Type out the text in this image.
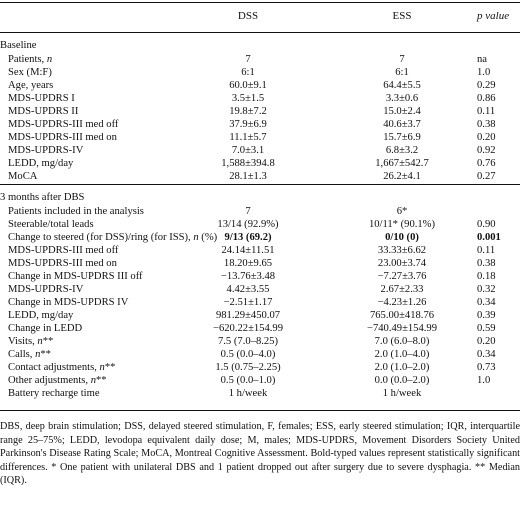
DSS	ESS	p value
Baseline
Patients, n	7	7	na
Sex (M:F)	6:1	6:1	1.0
Age, years	60.0±9.1	64.4±5.5	0.29
MDS-UPDRS I	3.5±1.5	3.3±0.6	0.86
MDS-UPDRS II	19.8±7.2	15.0±2.4	0.11
MDS-UPDRS-III med off	37.9±6.9	40.6±3.7	0.38
MDS-UPDRS-III med on	11.1±5.7	15.7±6.9	0.20
MDS-UPDRS-IV	7.0±3.1	6.8±3.2	0.92
LEDD, mg/day	1,588±394.8	1,667±542.7	0.76
MoCA	28.1±1.3	26.2±4.1	0.27
3 months after DBS
Patients included in the analysis	7	6*
Steerable/total leads	13/14 (92.9%)	10/11* (90.1%)	0.90
Change to steered (for DSS)/ring (for ISS), n (%) 9/13 (69.2)	0/10 (0)	0.001
MDS-UPDRS-III med off	24.14±11.51	33.33±6.62	0.11
MDS-UPDRS-III med on	18.20±9.65	23.00±3.74	0.38
Change in MDS-UPDRS III off	−13.76±3.48	−7.27±3.76	0.18
MDS-UPDRS-IV	4.42±3.55	2.67±2.33	0.32
Change in MDS-UPDRS IV	−2.51±1.17	−4.23±1.26	0.34
LEDD, mg/day	981.29±450.07	765.00±418.76	0.39
Change in LEDD	−620.22±154.99	−740.49±154.99	0.59
Visits, n**	7.5 (7.0–8.25)	7.0 (6.0–8.0)	0.20
Calls, n**	0.5 (0.0–4.0)	2.0 (1.0–4.0)	0.34
Contact adjustments, n**	1.5 (0.75–2.25)	2.0 (1.0–2.0)	0.73
Other adjustments, n**	0.5 (0.0–1.0)	0.0 (0.0–2.0)	1.0
Battery recharge time	1 h/week	1 h/week
DBS, deep brain stimulation; DSS, delayed steered stimulation, F, females; ESS, early steered stimulation; IQR, interquartile range 25–75%; LEDD, levodopa equivalent daily dose; M, males; MDS-UPDRS, Movement Disorders Society United Parkinson's Disease Rating Scale; MoCA, Montreal Cognitive Assessment. Bold-typed values represent statistically significant differences. * One patient with unilateral DBS and 1 patient dropped out after surgery due to severe dysphagia. ** Median (IQR).
